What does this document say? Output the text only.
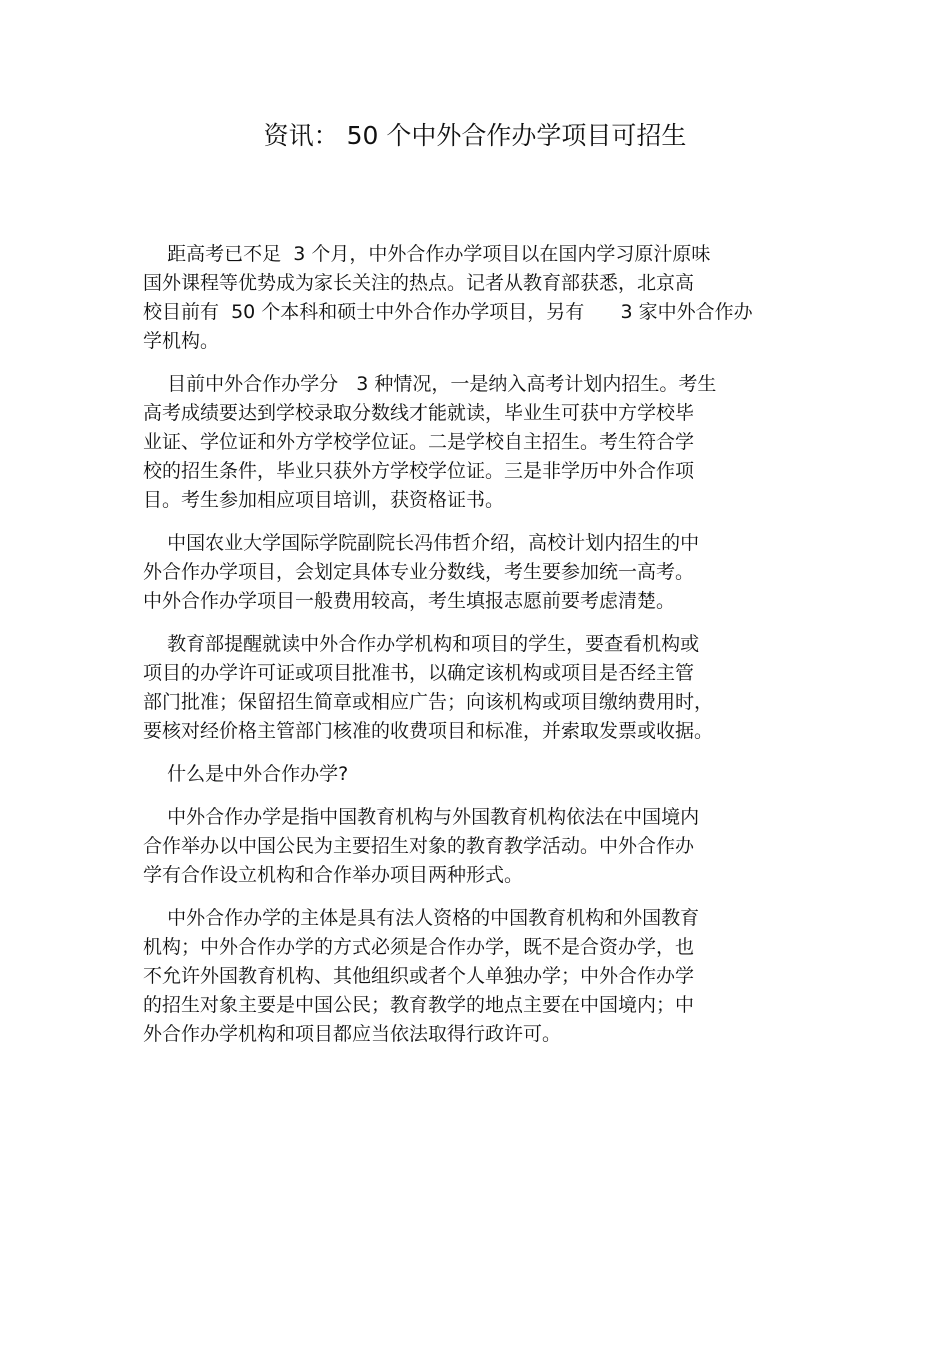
资讯： 50 个中外合作办学项目可招生
距高考已不足  3 个月，中外合作办学项目以在国内学习原汁原味
国外课程等优势成为家长关注的热点。记者从教育部获悉，北京高
校目前有  50 个本科和硕士中外合作办学项目，另有      3 家中外合作办
学机构。
目前中外合作办学分   3 种情况，一是纳入高考计划内招生。考生
高考成绩要达到学校录取分数线才能就读，毕业生可获中方学校毕
业证、学位证和外方学校学位证。二是学校自主招生。考生符合学
校的招生条件，毕业只获外方学校学位证。三是非学历中外合作项
目。考生参加相应项目培训，获资格证书。
中国农业大学国际学院副院长冯伟哲介绍，高校计划内招生的中
外合作办学项目，会划定具体专业分数线，考生要参加统一高考。
中外合作办学项目一般费用较高，考生填报志愿前要考虑清楚。
教育部提醒就读中外合作办学机构和项目的学生，要查看机构或
项目的办学许可证或项目批准书，以确定该机构或项目是否经主管
部门批准；保留招生简章或相应广告；向该机构或项目缴纳费用时，
要核对经价格主管部门核准的收费项目和标准，并索取发票或收据。
什么是中外合作办学?
中外合作办学是指中国教育机构与外国教育机构依法在中国境内
合作举办以中国公民为主要招生对象的教育教学活动。中外合作办
学有合作设立机构和合作举办项目两种形式。
中外合作办学的主体是具有法人资格的中国教育机构和外国教育
机构；中外合作办学的方式必须是合作办学，既不是合资办学，也
不允许外国教育机构、其他组织或者个人单独办学；中外合作办学
的招生对象主要是中国公民；教育教学的地点主要在中国境内；中
外合作办学机构和项目都应当依法取得行政许可。
